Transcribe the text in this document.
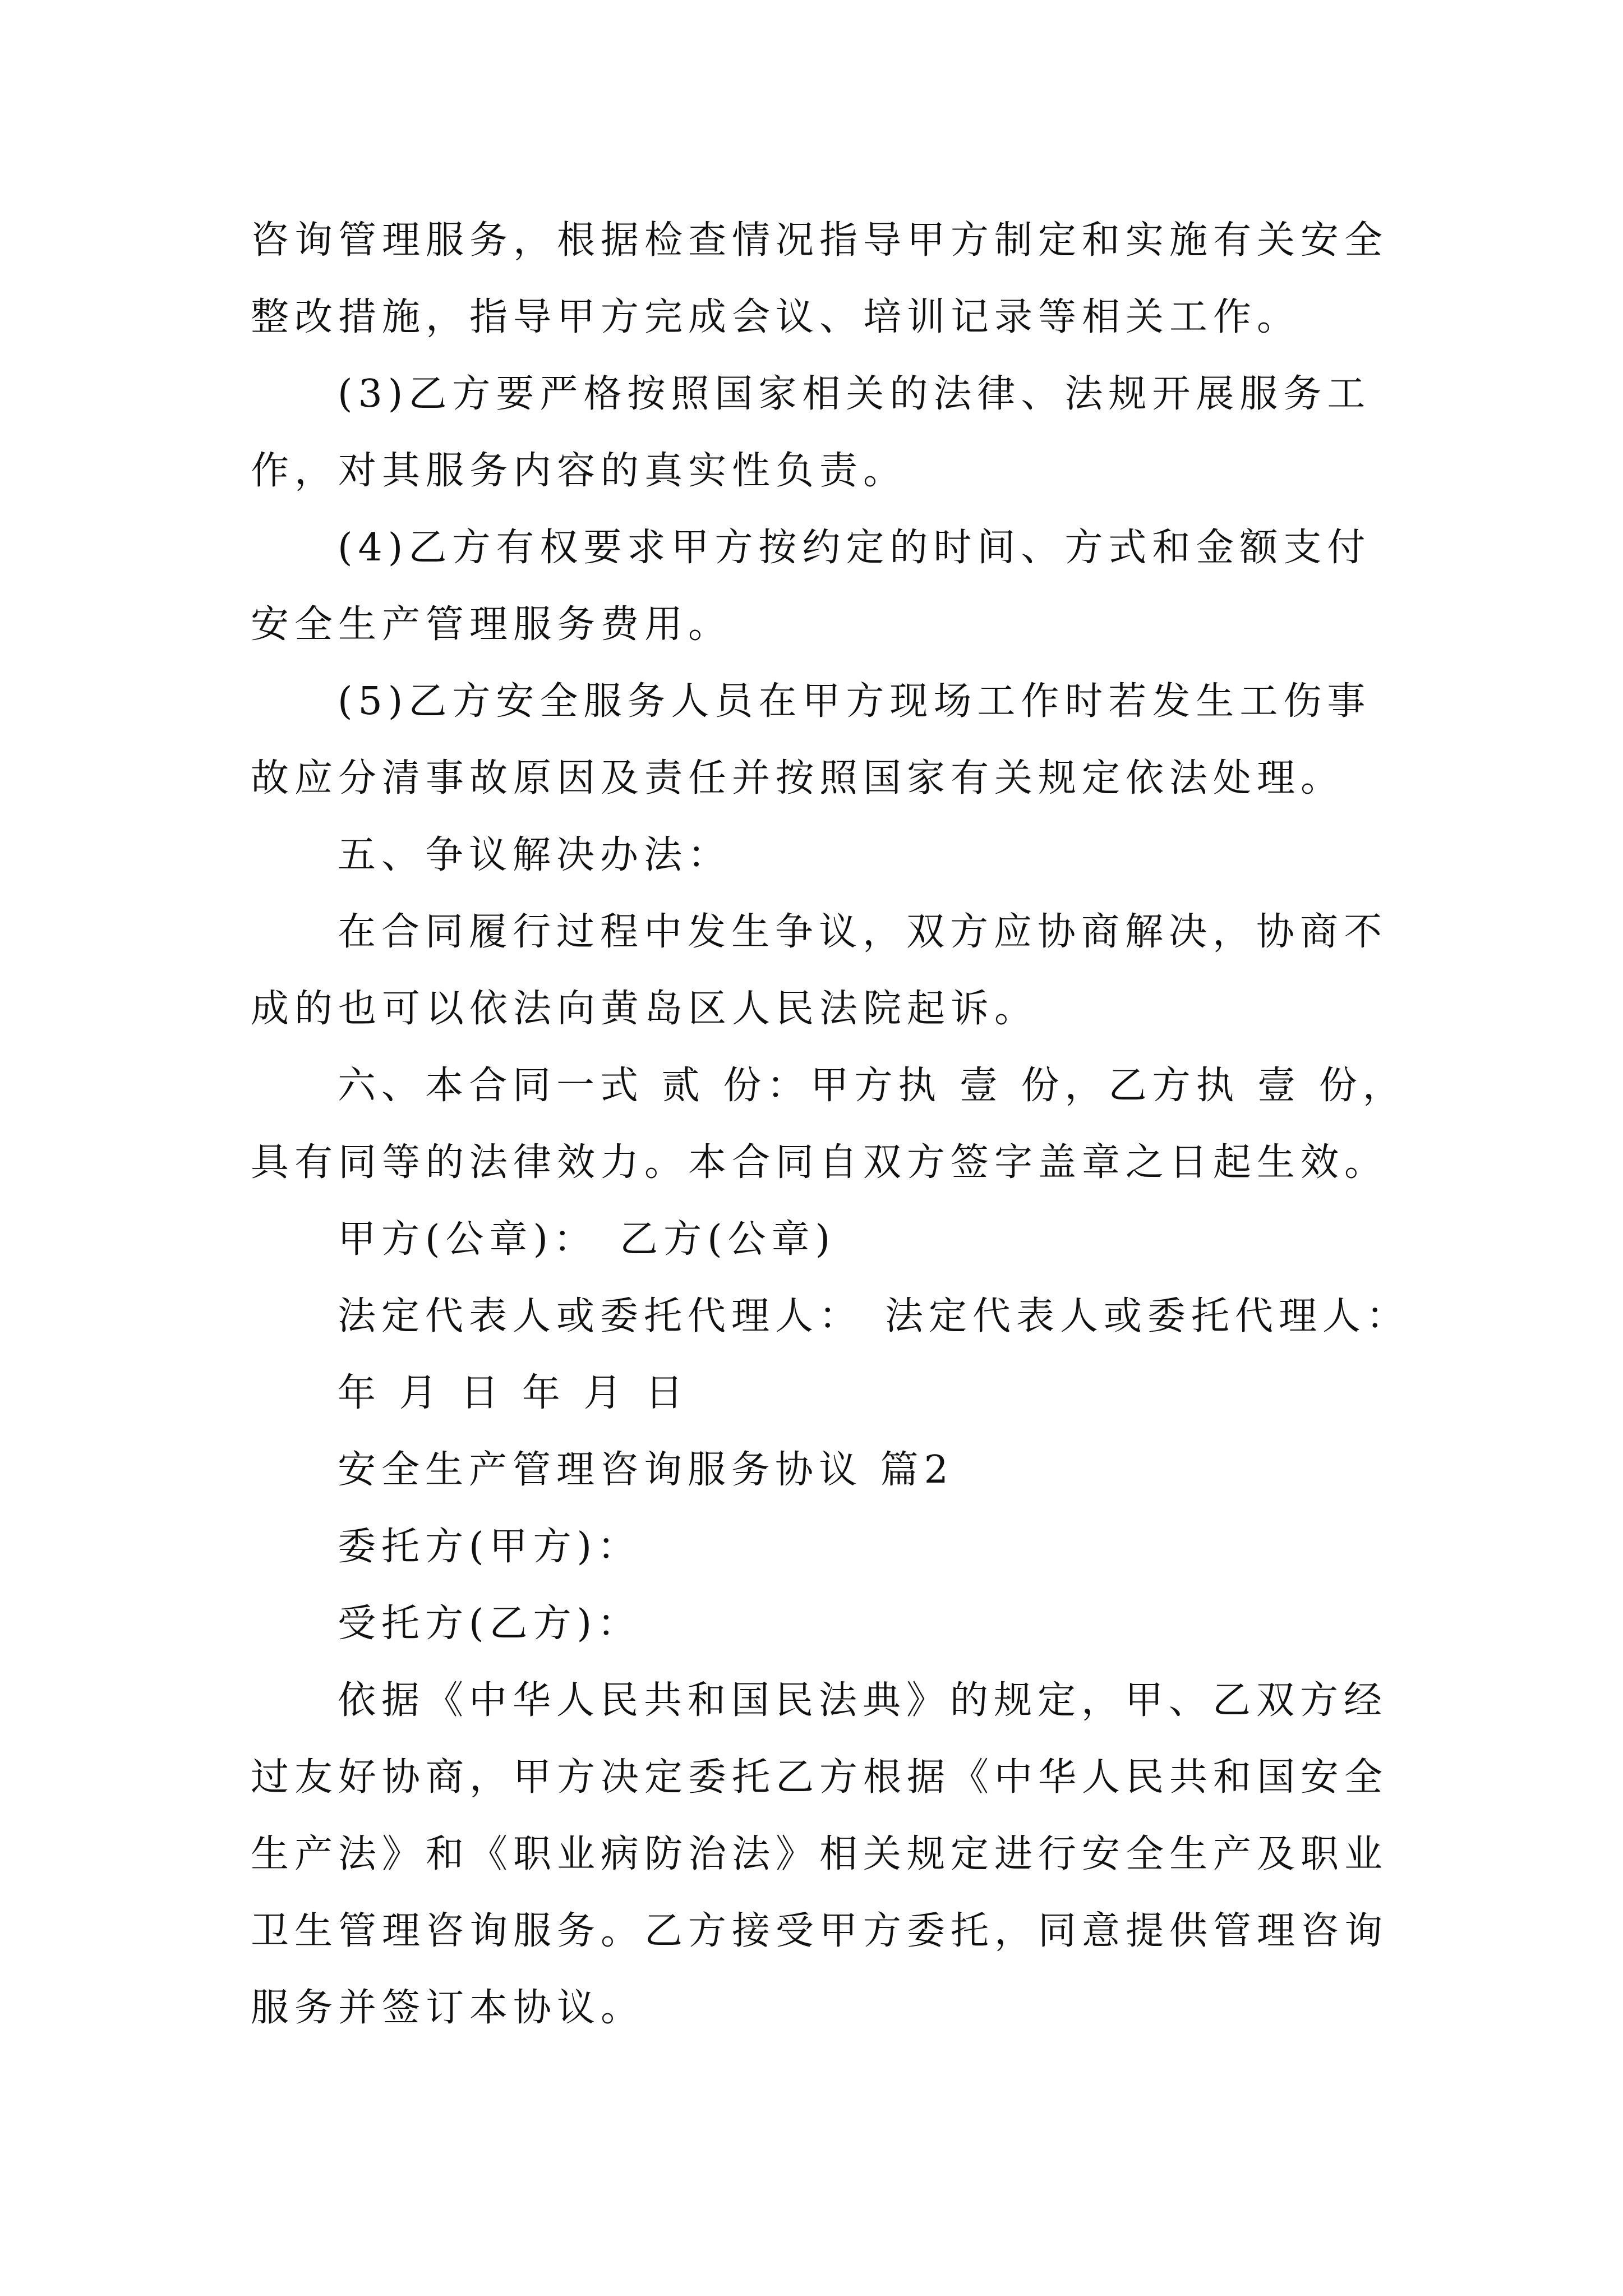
咨询管理服务，根据检查情况指导甲方制定和实施有关安全
整改措施，指导甲方完成会议、培训记录等相关工作。
(3)乙方要严格按照国家相关的法律、法规开展服务工
作，对其服务内容的真实性负责。
(4)乙方有权要求甲方按约定的时间、方式和金额支付
安全生产管理服务费用。
(5)乙方安全服务人员在甲方现场工作时若发生工伤事
故应分清事故原因及责任并按照国家有关规定依法处理。
五、争议解决办法：
在合同履行过程中发生争议，双方应协商解决，协商不
成的也可以依法向黄岛区人民法院起诉。
六、本合同一式 贰 份：甲方执 壹 份，乙方执 壹 份，
具有同等的法律效力。本合同自双方签字盖章之日起生效。
甲方(公章)： 乙方(公章)
法定代表人或委托代理人： 法定代表人或委托代理人：
年 月 日 年 月 日
安全生产管理咨询服务协议 篇2
委托方(甲方)：
受托方(乙方)：
依据《中华人民共和国民法典》的规定，甲、乙双方经
过友好协商，甲方决定委托乙方根据《中华人民共和国安全
生产法》和《职业病防治法》相关规定进行安全生产及职业
卫生管理咨询服务。乙方接受甲方委托，同意提供管理咨询
服务并签订本协议。
